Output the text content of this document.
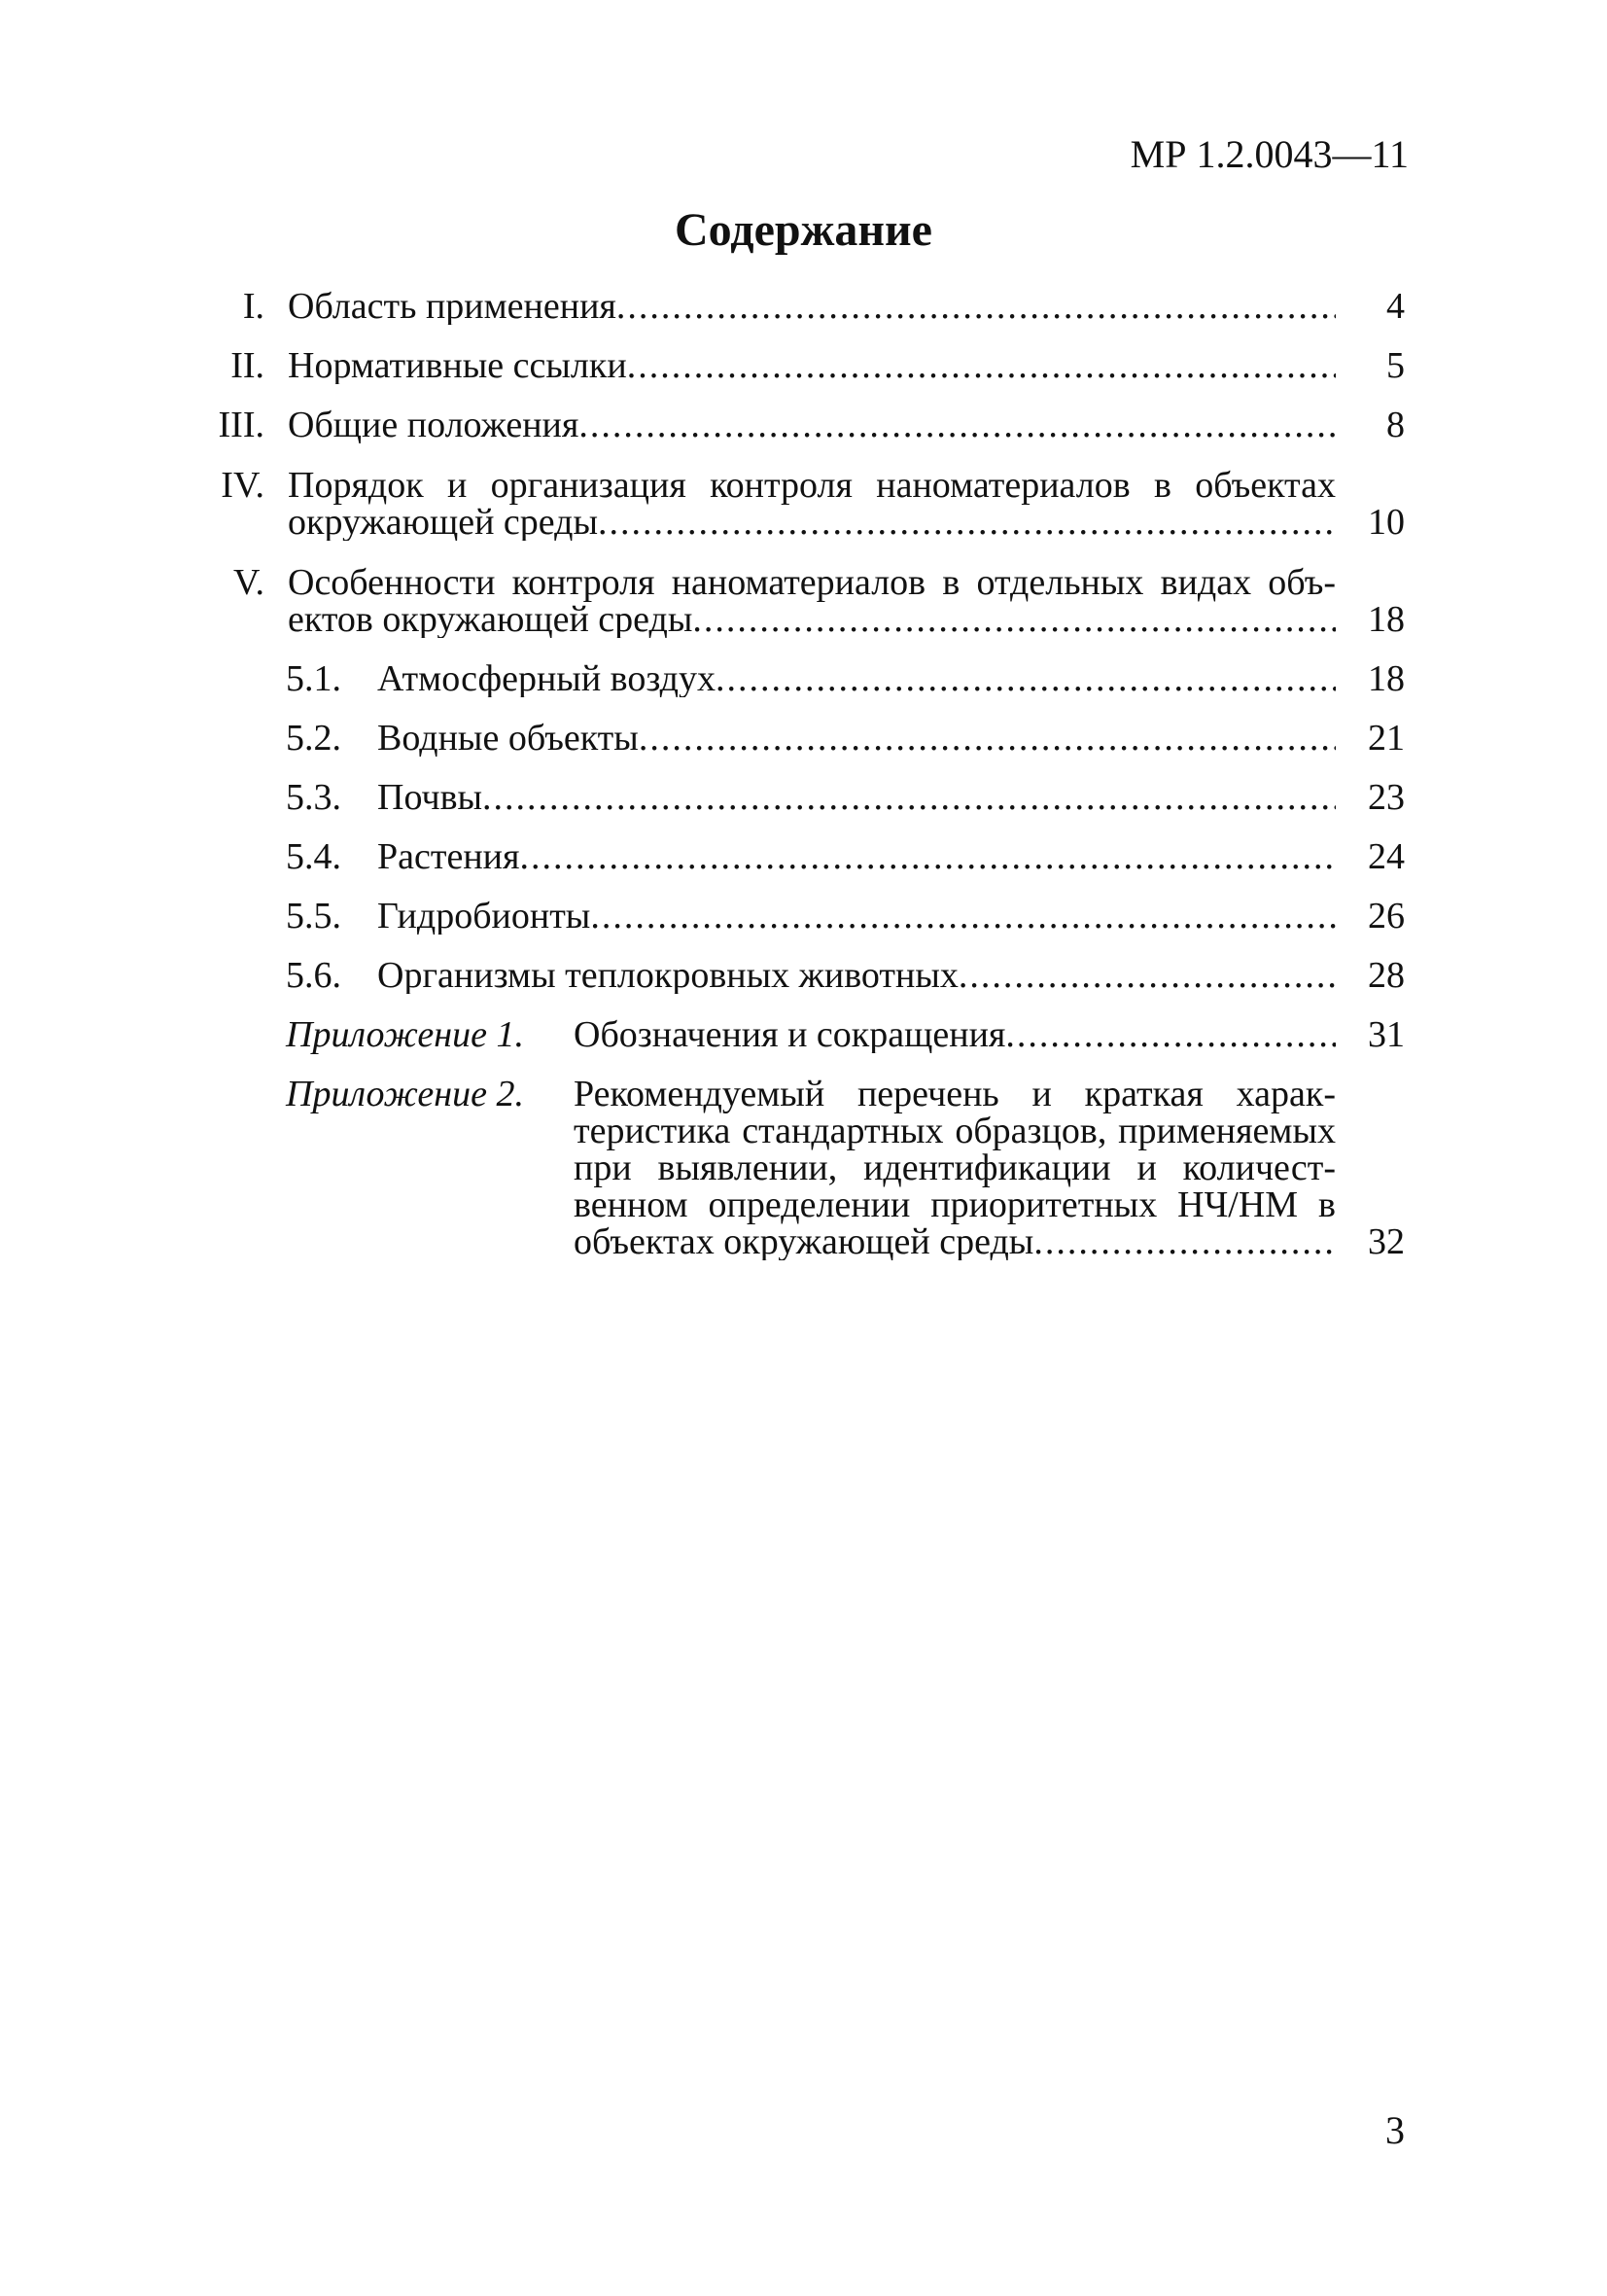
МР 1.2.0043—11
Содержание
I. Область применения .....	4
II. Нормативные ссылки .....	5
III. Общие положения .....	8
IV. Порядок и организация контроля наноматериалов в объектах
окружающей среды .....	10
V. Особенности контроля наноматериалов в отдельных видах объ-
ектов окружающей среды .....	18
5.1. Атмосферный воздух .....	18
5.2. Водные объекты .....	21
5.3. Почвы .....	23
5.4. Растения .....	24
5.5. Гидробионты .....	26
5.6. Организмы теплокровных животных .....	28
Приложение 1. Обозначения и сокращения .....	31
Приложение 2. Рекомендуемый перечень и краткая харак-
теристика стандартных образцов, применяемых
при выявлении, идентификации и количест-
венном определении приоритетных НЧ/НМ в
объектах окружающей среды .....	32
3
